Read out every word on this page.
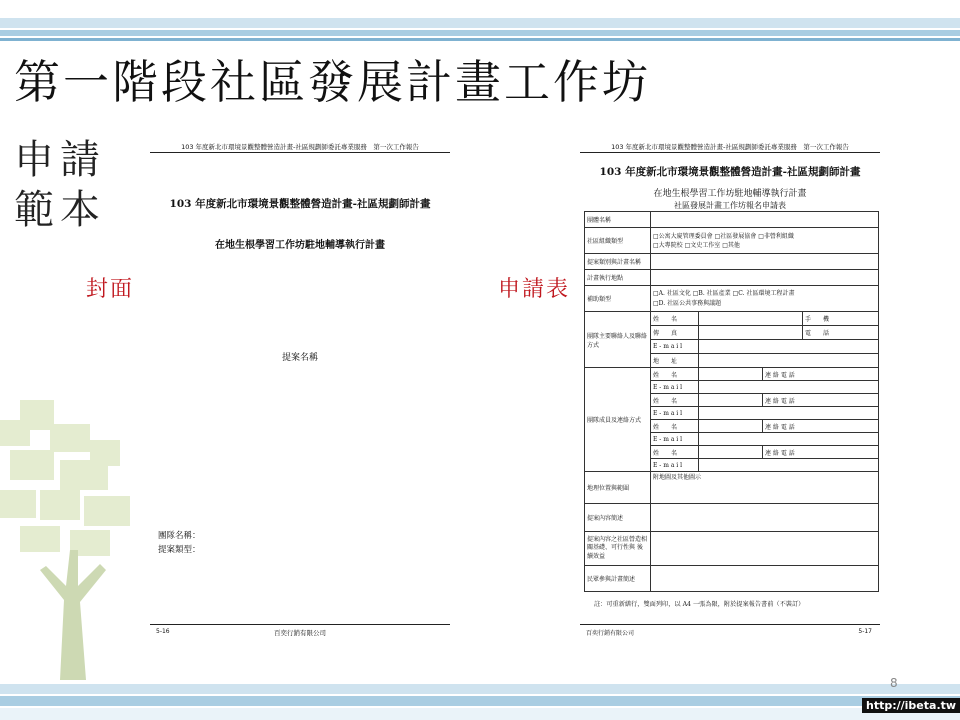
第一階段社區發展計畫工作坊
申請
範本
封面	申請表
103 年度新北市環境景觀整體營造計畫-社區規劃師委託專業服務　第一次工作報告
103 年度新北市環境景觀整體營造計畫-社區規劃師計畫
在地生根學習工作坊駐地輔導執行計畫
提案名稱
團隊名稱：
提案類型：
5-16	百奕行銷有限公司
103 年度新北市環境景觀整體營造計畫-社區規劃師委託專業服務　第一次工作報告
103 年度新北市環境景觀整體營造計畫-社區規劃師計畫
在地生根學習工作坊駐地輔導執行計畫
社區發展計畫工作坊報名申請表
團體名稱				
社區組織類型	□ 公寓大廈管理委員會 □ 社區發展協會 □ 非營利組織
□ 大專院校 □ 文史工作室 □ 其他
提案類別與計畫名稱				
計畫執行地點				
補助類型	□ A. 社區文化 □ B. 社區產業 □ C. 社區環境工程計畫
□ D. 社區公共事務與議題
團隊主要聯絡人及聯絡方式	姓　　名			手　　機
	傳　　真			電　　話
	E - m a i l			
	地　　址			
團隊成員及連絡方式	姓　　名		連 絡 電 話	
	E - m a i l			
	姓　　名		連 絡 電 話	
	E - m a i l			
	姓　　名		連 絡 電 話	
	E - m a i l			
	姓　　名		連 絡 電 話	
	E - m a i l			
地理位置與範圍	附地圖及其他圖示			
提案內容簡述				
提案內容之社區營造相關基礎、可行性與 後續效益				
民眾參與計畫簡述				
註：可重新繕行，雙面列印，以 A4 一張為限，附於提案報告書前（不裝訂）
百奕行銷有限公司	5-17
8
http://ibeta.tw
